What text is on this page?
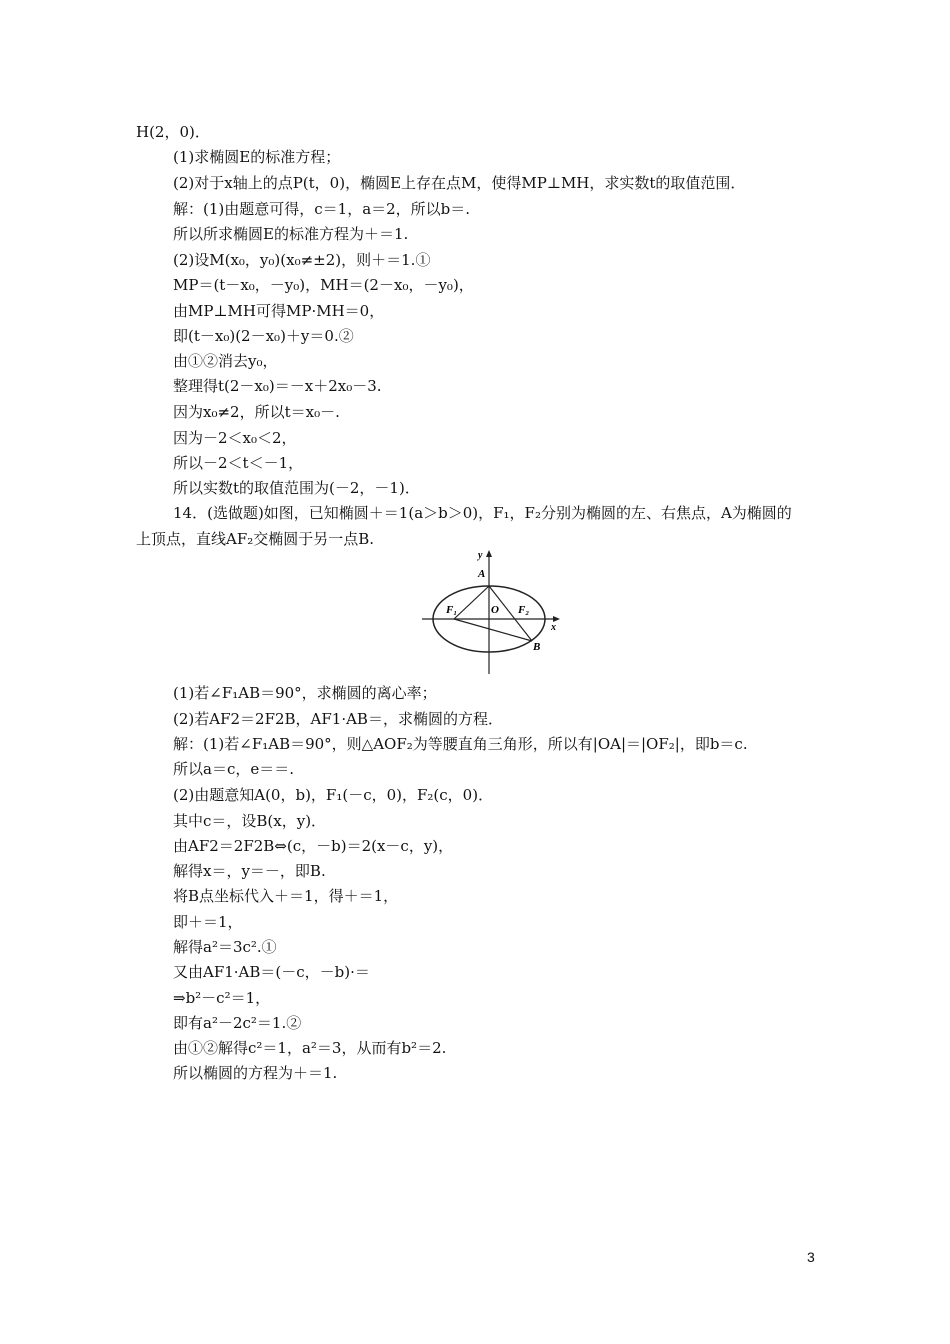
H(2，0)．
(1)求椭圆E的标准方程；
(2)对于x轴上的点P(t，0)，椭圆E上存在点M，使得MP⊥MH，求实数t的取值范围．
解：(1)由题意可得，c＝1，a＝2，所以b＝.
所以所求椭圆E的标准方程为＋＝1.
(2)设M(x₀，y₀)(x₀≠±2)，则＋＝1.①
MP＝(t－x₀，－y₀)，MH＝(2－x₀，－y₀)，
由MP⊥MH可得MP·MH＝0，
即(t－x₀)(2－x₀)＋y＝0.②
由①②消去y₀，
整理得t(2－x₀)＝－x＋2x₀－3.
因为x₀≠2，所以t＝x₀－.
因为－2＜x₀＜2，
所以－2＜t＜－1，
所以实数t的取值范围为(－2，－1)．
14．(选做题)如图，已知椭圆＋＝1(a＞b＞0)，F₁，F₂分别为椭圆的左、右焦点，A为椭圆的
上顶点，直线AF₂交椭圆于另一点B.
y
A
O
F₁	F₂
x
B
(1)若∠F₁AB＝90°，求椭圆的离心率；
(2)若AF2＝2F2B，AF1·AB＝，求椭圆的方程．
解：(1)若∠F₁AB＝90°，则△AOF₂为等腰直角三角形，所以有|OA|＝|OF₂|，即b＝c.
所以a＝c，e＝＝.
(2)由题意知A(0，b)，F₁(－c，0)，F₂(c，0)．
其中c＝，设B(x，y)．
由AF2＝2F2B⇔(c，－b)＝2(x－c，y)，
解得x＝，y＝－，即B.
将B点坐标代入＋＝1，得＋＝1，
即＋＝1，
解得a²＝3c².①
又由AF1·AB＝(－c，－b)·＝
⇒b²－c²＝1，
即有a²－2c²＝1.②
由①②解得c²＝1，a²＝3，从而有b²＝2.
所以椭圆的方程为＋＝1.
3
